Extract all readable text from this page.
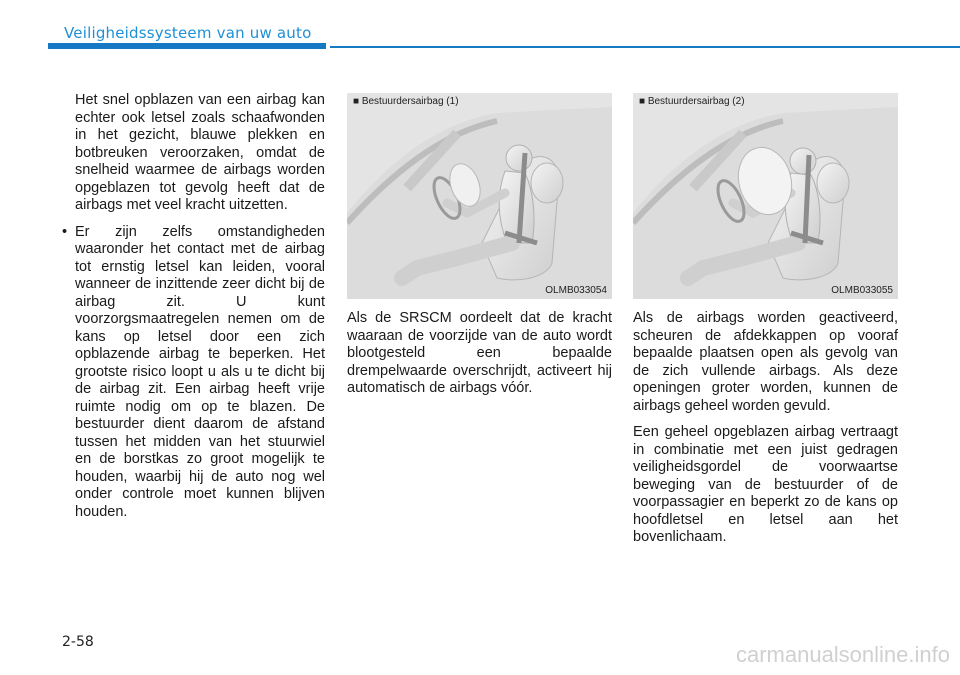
Veiligheidssysteem van uw auto

Het snel opblazen van een airbag kan echter ook letsel zoals schaafwonden in het gezicht, blauwe plekken en botbreuken veroorzaken, omdat de snelheid waarmee de airbags worden opgeblazen tot gevolg heeft dat de airbags met veel kracht uitzetten.

• Er zijn zelfs omstandigheden waaronder het contact met de airbag tot ernstig letsel kan leiden, vooral wanneer de inzittende zeer dicht bij de airbag zit. U kunt voorzorgsmaatregelen nemen om de kans op letsel door een zich opblazende airbag te beperken. Het grootste risico loopt u als u te dicht bij de airbag zit. Een airbag heeft vrije ruimte nodig om op te blazen. De bestuurder dient daarom de afstand tussen het midden van het stuurwiel en de borstkas zo groot mogelijk te houden, waarbij hij de auto nog wel onder controle moet kunnen blijven houden.

■ Bestuurdersairbag (1)
OLMB033054
■ Bestuurdersairbag (2)
OLMB033055

Als de SRSCM oordeelt dat de kracht waaraan de voorzijde van de auto wordt blootgesteld een bepaalde drempelwaarde overschrijdt, activeert hij automatisch de airbags vóór.

Als de airbags worden geactiveerd, scheuren de afdekkappen op vooraf bepaalde plaatsen open als gevolg van de zich vullende airbags. Als deze openingen groter worden, kunnen de airbags geheel worden gevuld.

Een geheel opgeblazen airbag vertraagt in combinatie met een juist gedragen veiligheidsgordel de voorwaartse beweging van de bestuurder of de voorpassagier en beperkt zo de kans op hoofdletsel en letsel aan het bovenlichaam.

2-58	carmanualsonline.info
